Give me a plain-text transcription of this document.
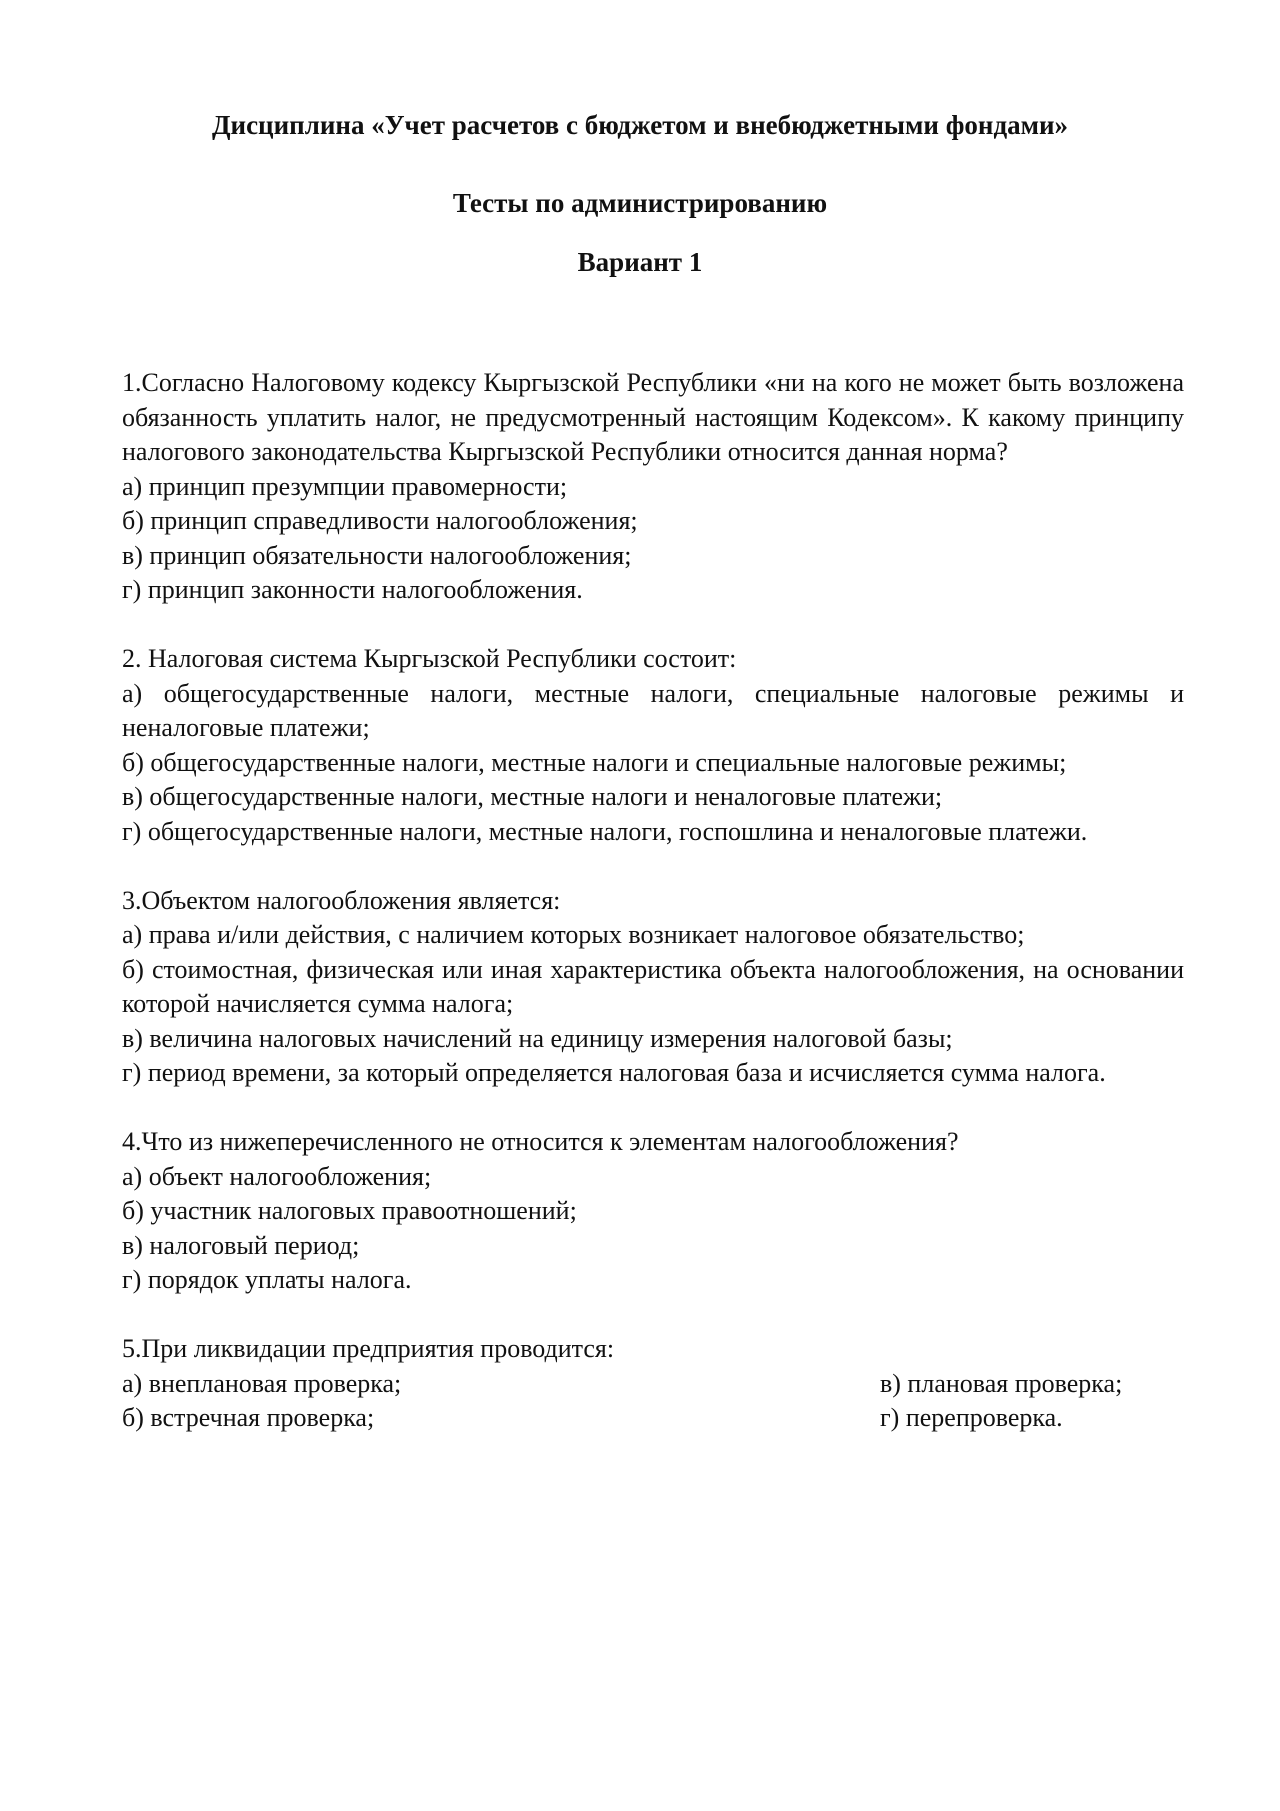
Дисциплина «Учет расчетов с бюджетом и внебюджетными фондами»
Тесты по администрированию
Вариант 1

1.Согласно Налоговому кодексу Кыргызской Республики «ни на кого не может быть возложена обязанность уплатить налог, не предусмотренный настоящим Кодексом». К какому принципу налогового законодательства Кыргызской Республики относится данная норма?

а) принцип презумпции правомерности;

б) принцип справедливости налогообложения;

в) принцип обязательности налогообложения;

г) принцип законности налогообложения.

2. Налоговая система Кыргызской Республики состоит:

а) общегосударственные налоги, местные налоги, специальные налоговые режимы и неналоговые платежи;

б) общегосударственные налоги, местные налоги и специальные налоговые режимы;

в) общегосударственные налоги, местные налоги и неналоговые платежи;

г) общегосударственные налоги, местные налоги, госпошлина и неналоговые платежи.

3.Объектом налогообложения является:

а) права и/или действия, с наличием которых возникает налоговое обязательство;

б) стоимостная, физическая или иная характеристика объекта налогообложения, на основании которой начисляется сумма налога;

в) величина налоговых начислений на единицу измерения налоговой базы;

г) период времени, за который определяется налоговая база и исчисляется сумма налога.

4.Что из нижеперечисленного не относится к элементам налогообложения?

а) объект налогообложения;

б) участник налоговых правоотношений;

в) налоговый период;

г) порядок уплаты налога.

5.При ликвидации предприятия проводится:

а) внеплановая проверка;	в) плановая проверка;
б) встречная проверка;	г) перепроверка.
